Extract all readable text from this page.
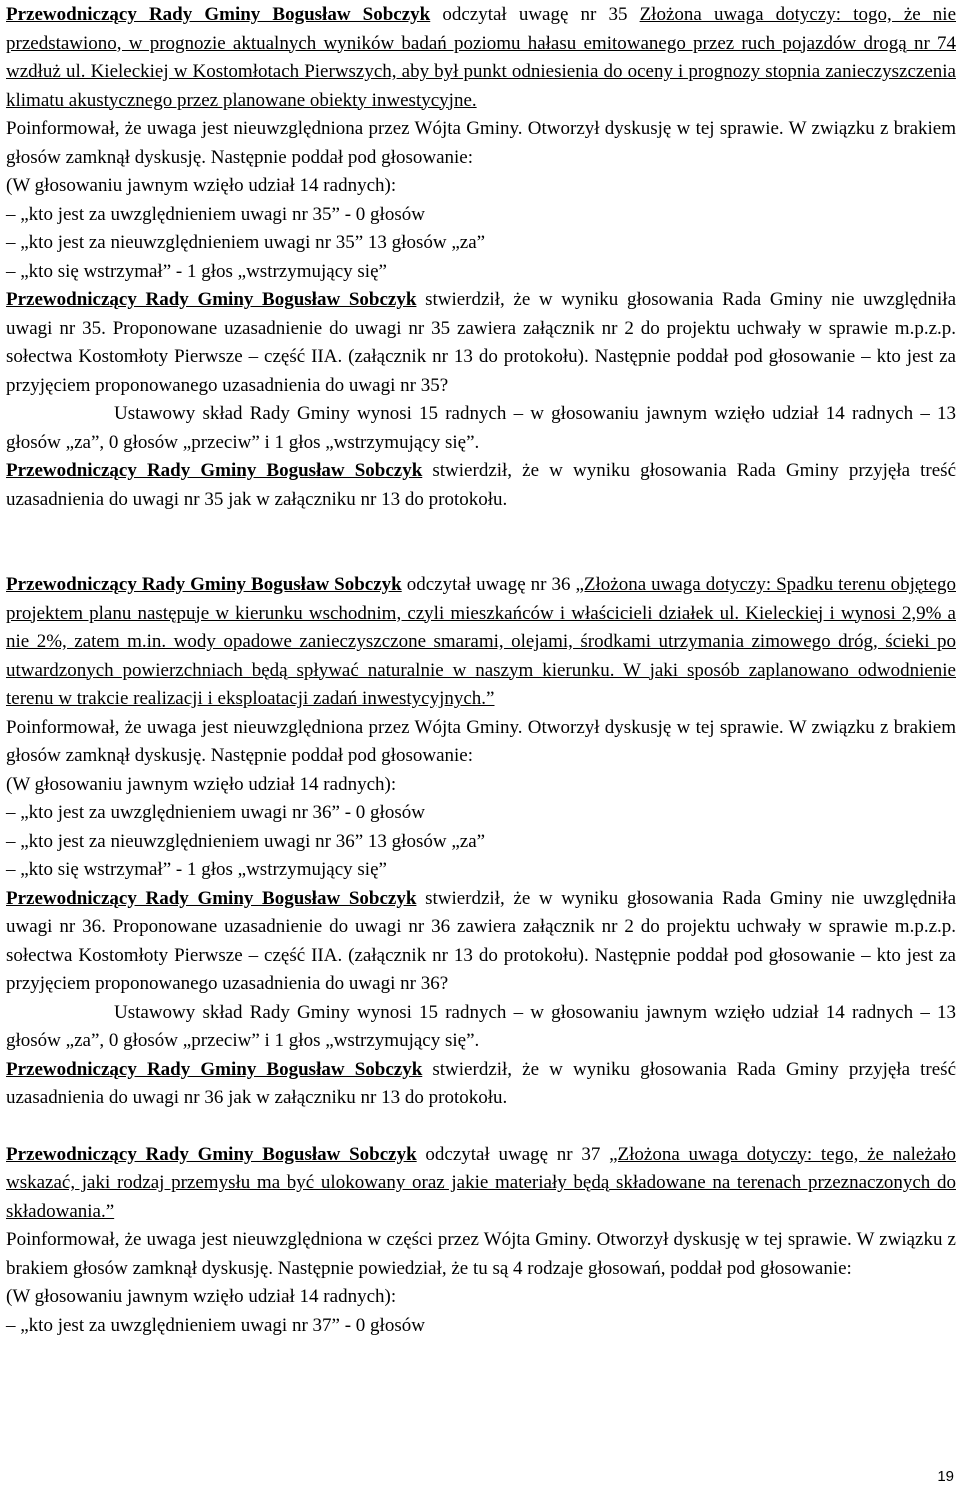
Przewodniczący Rady Gminy Bogusław Sobczyk odczytał uwagę nr 35 Złożona uwaga dotyczy: togo, że nie przedstawiono, w prognozie aktualnych wyników badań poziomu hałasu emitowanego przez ruch pojazdów drogą nr 74 wzdłuż ul. Kieleckiej w Kostomłotach Pierwszych, aby był punkt odniesienia do oceny i prognozy stopnia zanieczyszczenia klimatu akustycznego przez planowane obiekty inwestycyjne.

Poinformował, że uwaga jest nieuwzględniona przez Wójta Gminy. Otworzył dyskusję w tej sprawie. W związku z brakiem głosów zamknął dyskusję. Następnie poddał pod głosowanie:

(W głosowaniu jawnym wzięło udział 14 radnych):

– „kto jest za uwzględnieniem uwagi nr 35” - 0 głosów

– „kto jest za nieuwzględnieniem uwagi nr 35” 13 głosów „za”

– „kto się wstrzymał” - 1 głos „wstrzymujący się”

Przewodniczący Rady Gminy Bogusław Sobczyk stwierdził, że w wyniku głosowania Rada Gminy nie uwzględniła uwagi nr 35. Proponowane uzasadnienie do uwagi nr 35 zawiera załącznik nr 2 do projektu uchwały w sprawie m.p.z.p. sołectwa Kostomłoty Pierwsze – część IIA. (załącznik nr 13 do protokołu). Następnie poddał pod głosowanie – kto jest za przyjęciem proponowanego uzasadnienia do uwagi nr 35?

Ustawowy skład Rady Gminy wynosi 15 radnych – w głosowaniu jawnym wzięło udział 14 radnych – 13 głosów „za”, 0 głosów „przeciw” i 1 głos „wstrzymujący się”.

Przewodniczący Rady Gminy Bogusław Sobczyk stwierdził, że w wyniku głosowania Rada Gminy przyjęła treść uzasadnienia do uwagi nr 35 jak w załączniku nr 13 do protokołu.

Przewodniczący Rady Gminy Bogusław Sobczyk odczytał uwagę nr 36 „Złożona uwaga dotyczy: Spadku terenu objętego projektem planu następuje w kierunku wschodnim, czyli mieszkańców i właścicieli działek ul. Kieleckiej i wynosi 2,9% a nie 2%, zatem m.in. wody opadowe zanieczyszczone smarami, olejami, środkami utrzymania zimowego dróg, ścieki po utwardzonych powierzchniach będą spływać naturalnie w naszym kierunku. W jaki sposób zaplanowano odwodnienie terenu w trakcie realizacji i eksploatacji zadań inwestycyjnych.”

Poinformował, że uwaga jest nieuwzględniona przez Wójta Gminy. Otworzył dyskusję w tej sprawie. W związku z brakiem głosów zamknął dyskusję. Następnie poddał pod głosowanie:

(W głosowaniu jawnym wzięło udział 14 radnych):

– „kto jest za uwzględnieniem uwagi nr 36” - 0 głosów

– „kto jest za nieuwzględnieniem uwagi nr 36” 13 głosów „za”

– „kto się wstrzymał” - 1 głos „wstrzymujący się”

Przewodniczący Rady Gminy Bogusław Sobczyk stwierdził, że w wyniku głosowania Rada Gminy nie uwzględniła uwagi nr 36. Proponowane uzasadnienie do uwagi nr 36 zawiera załącznik nr 2 do projektu uchwały w sprawie m.p.z.p. sołectwa Kostomłoty Pierwsze – część IIA. (załącznik nr 13 do protokołu). Następnie poddał pod głosowanie – kto jest za przyjęciem proponowanego uzasadnienia do uwagi nr 36?

Ustawowy skład Rady Gminy wynosi 15 radnych – w głosowaniu jawnym wzięło udział 14 radnych – 13 głosów „za”, 0 głosów „przeciw” i 1 głos „wstrzymujący się”.

Przewodniczący Rady Gminy Bogusław Sobczyk stwierdził, że w wyniku głosowania Rada Gminy przyjęła treść uzasadnienia do uwagi nr 36 jak w załączniku nr 13 do protokołu.

Przewodniczący Rady Gminy Bogusław Sobczyk odczytał uwagę nr 37 „Złożona uwaga dotyczy: tego, że należało wskazać, jaki rodzaj przemysłu ma być ulokowany oraz jakie materiały będą składowane na terenach przeznaczonych do składowania.”

Poinformował, że uwaga jest nieuwzględniona w części przez Wójta Gminy. Otworzył dyskusję w tej sprawie. W związku z brakiem głosów zamknął dyskusję. Następnie powiedział, że tu są 4 rodzaje głosowań, poddał pod głosowanie:

(W głosowaniu jawnym wzięło udział 14 radnych):

– „kto jest za uwzględnieniem uwagi nr 37” - 0 głosów

19
